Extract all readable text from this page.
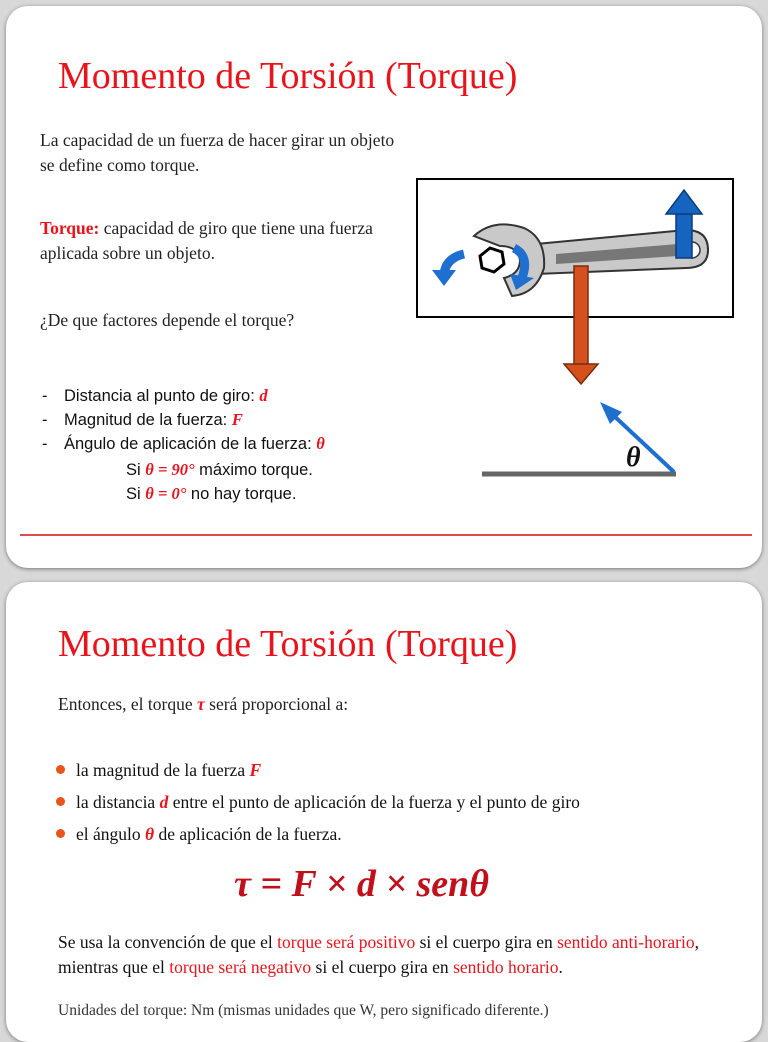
Momento de Torsión (Torque)

La capacidad de un fuerza de hacer girar un objeto se define como torque.

Torque: capacidad de giro que tiene una fuerza aplicada sobre un objeto.

¿De que factores depende el torque?

- Distancia al punto de giro: d
- Magnitud de la fuerza: F
- Ángulo de aplicación de la fuerza: θ
Si θ = 90° máximo torque.
Si θ = 0° no hay torque.
θ
Momento de Torsión (Torque)

Entonces, el torque τ será proporcional a:

la magnitud de la fuerza F
la distancia d entre el punto de aplicación de la fuerza y el punto de giro
el ángulo θ de aplicación de la fuerza.
τ = F × d × senθ

Se usa la convención de que el torque será positivo si el cuerpo gira en sentido anti-horario, mientras que el torque será negativo si el cuerpo gira en sentido horario.

Unidades del torque: Nm (mismas unidades que W, pero significado diferente.)
